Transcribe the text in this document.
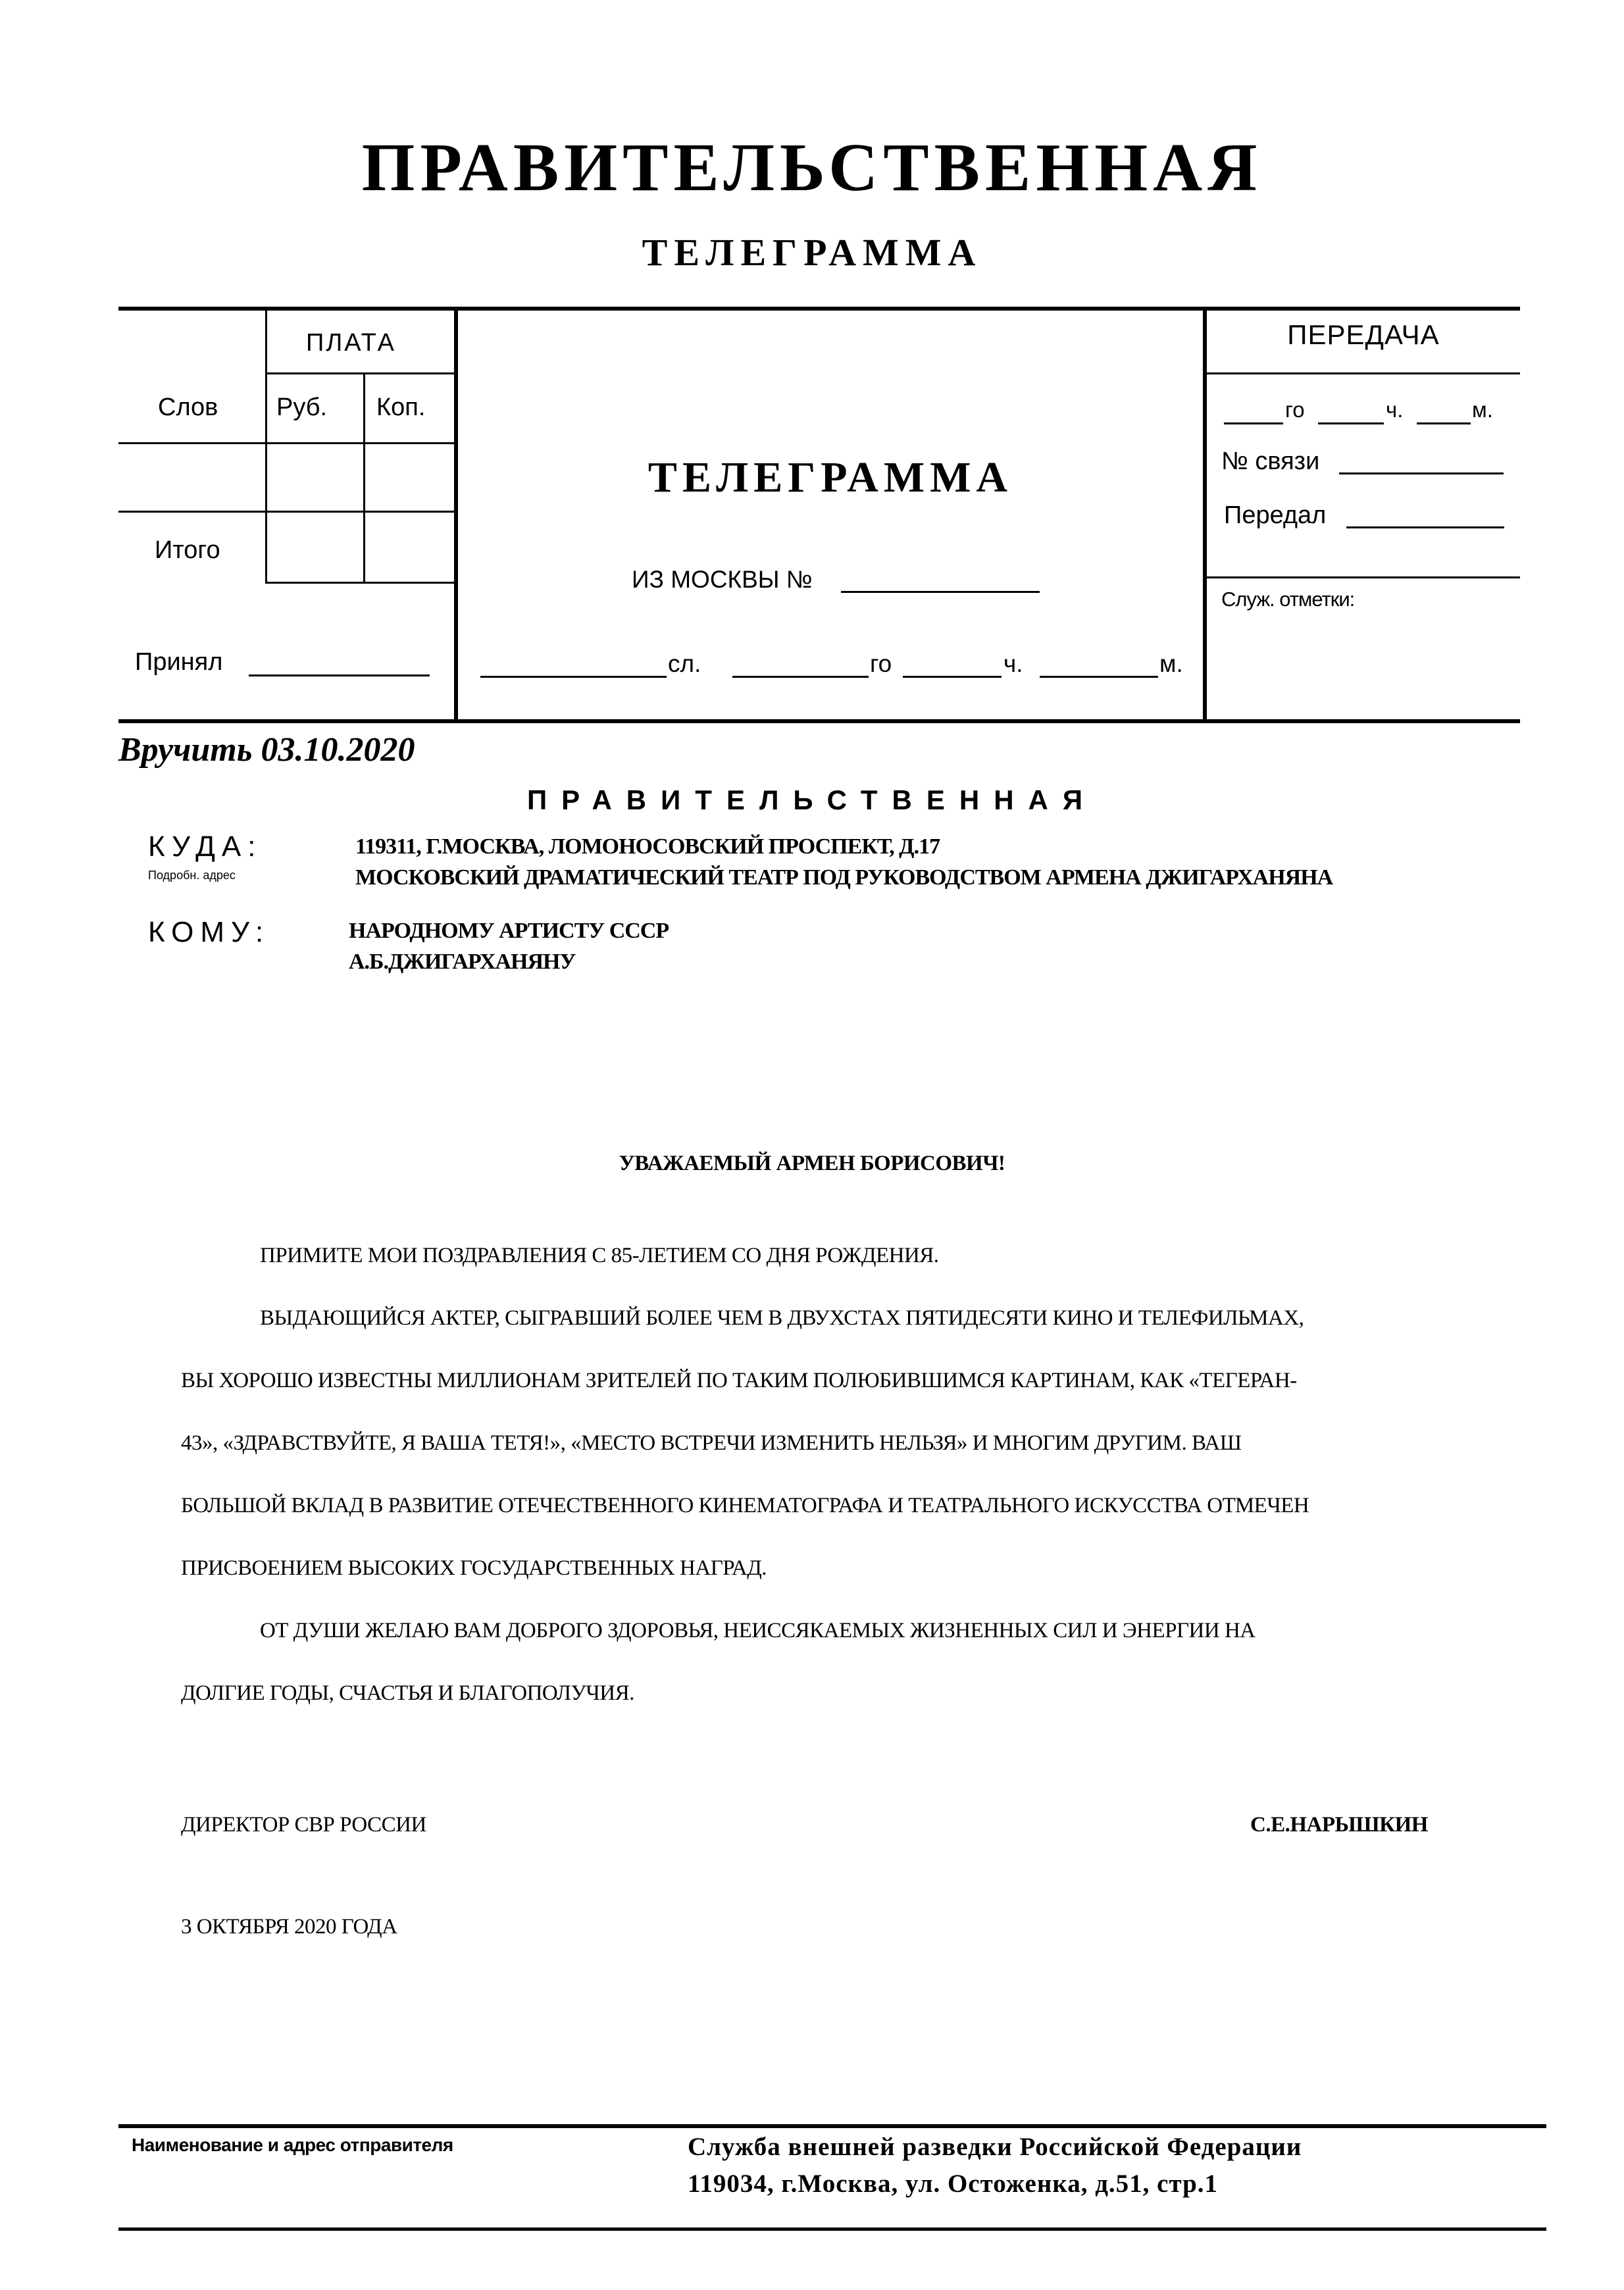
ПРАВИТЕЛЬСТВЕННАЯ
ТЕЛЕГРАММА
ПЛАТА
Слов Руб. Коп.
Итого
Принял
ТЕЛЕГРАММА
ИЗ МОСКВЫ №
сл.	го	ч.	м.
ПЕРЕДАЧА
го	ч.	м.
№ связи
Передал
Служ. отметки:
Вручить 03.10.2020
ПРАВИТЕЛЬСТВЕННАЯ
КУДА:
Подробн. адрес
119311, Г.МОСКВА, ЛОМОНОСОВСКИЙ ПРОСПЕКТ, Д.17
МОСКОВСКИЙ ДРАМАТИЧЕСКИЙ ТЕАТР ПОД РУКОВОДСТВОМ АРМЕНА ДЖИГАРХАНЯНА
КОМУ:	НАРОДНОМУ АРТИСТУ СССР
А.Б.ДЖИГАРХАНЯНУ
УВАЖАЕМЫЙ АРМЕН БОРИСОВИЧ!
ПРИМИТЕ МОИ ПОЗДРАВЛЕНИЯ С 85-ЛЕТИЕМ СО ДНЯ РОЖДЕНИЯ.
ВЫДАЮЩИЙСЯ АКТЕР, СЫГРАВШИЙ БОЛЕЕ ЧЕМ В ДВУХСТАХ ПЯТИДЕСЯТИ КИНО И ТЕЛЕФИЛЬМАХ,
ВЫ ХОРОШО ИЗВЕСТНЫ МИЛЛИОНАМ ЗРИТЕЛЕЙ ПО ТАКИМ ПОЛЮБИВШИМСЯ КАРТИНАМ, КАК «ТЕГЕРАН-
43», «ЗДРАВСТВУЙТЕ, Я ВАША ТЕТЯ!», «МЕСТО ВСТРЕЧИ ИЗМЕНИТЬ НЕЛЬЗЯ» И МНОГИМ ДРУГИМ. ВАШ
БОЛЬШОЙ ВКЛАД В РАЗВИТИЕ ОТЕЧЕСТВЕННОГО КИНЕМАТОГРАФА И ТЕАТРАЛЬНОГО ИСКУССТВА ОТМЕЧЕН
ПРИСВОЕНИЕМ ВЫСОКИХ ГОСУДАРСТВЕННЫХ НАГРАД.
ОТ ДУШИ ЖЕЛАЮ ВАМ ДОБРОГО ЗДОРОВЬЯ, НЕИССЯКАЕМЫХ ЖИЗНЕННЫХ СИЛ И ЭНЕРГИИ НА
ДОЛГИЕ ГОДЫ, СЧАСТЬЯ И БЛАГОПОЛУЧИЯ.
ДИРЕКТОР СВР РОССИИ	С.Е.НАРЫШКИН
3 ОКТЯБРЯ 2020 ГОДА
Наименование и адрес отправителя	Служба внешней разведки Российской Федерации
119034, г.Москва, ул. Остоженка, д.51, стр.1
